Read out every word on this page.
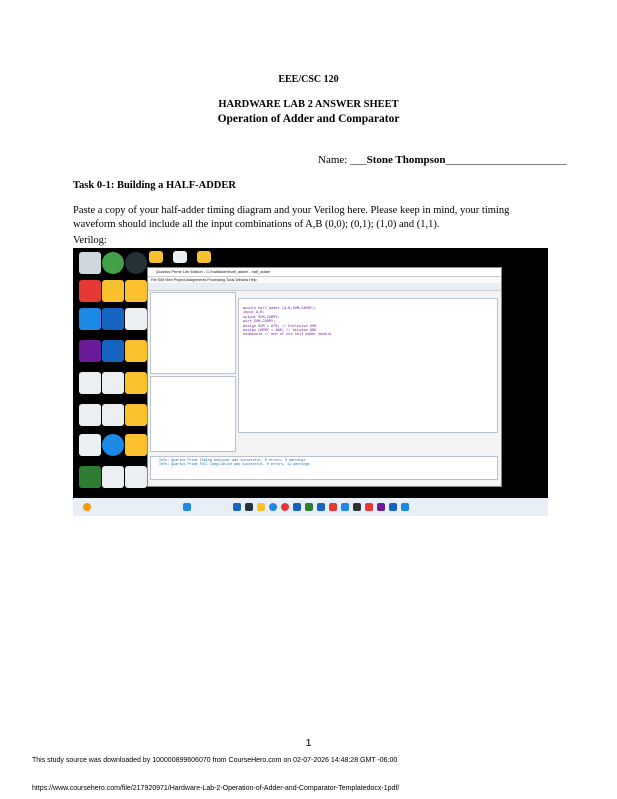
EEE/CSC 120
HARDWARE LAB 2 ANSWER SHEET
Operation of Adder and Comparator
Name: ___Stone Thompson______________________
Task 0-1: Building a HALF-ADDER
Paste a copy of your half-adder timing diagram and your Verilog here. Please keep in mind, your timing waveform should include all the input combinations of A,B (0,0); (0,1); (1,0) and (1,1).
Verilog:
Quartus Prime Lite Edition - C:/halfadder/half_adder - half_adder
File Edit View Project Assignments Processing Tools Window Help
module half_adder (A,B,SUM,CARRY);
input A,B;
output SUM,CARRY;
wire SUM,CARRY;
assign SUM = A^B; // Exclusive XOR
assign CARRY = A&B; // bitwise AND
endmodule // end of the half adder module
Info: Quartus Prime Timing Analyzer was successful. 0 errors, 0 warnings
Info: Quartus Prime Full Compilation was successful. 0 errors, 11 warnings
1
This study source was downloaded by 100000899606070 from CourseHero.com on 02-07-2026 14:48:28 GMT -06:00
https://www.coursehero.com/file/217920971/Hardware-Lab-2-Operation-of-Adder-and-Comparator-Templatedocx-1pdf/
